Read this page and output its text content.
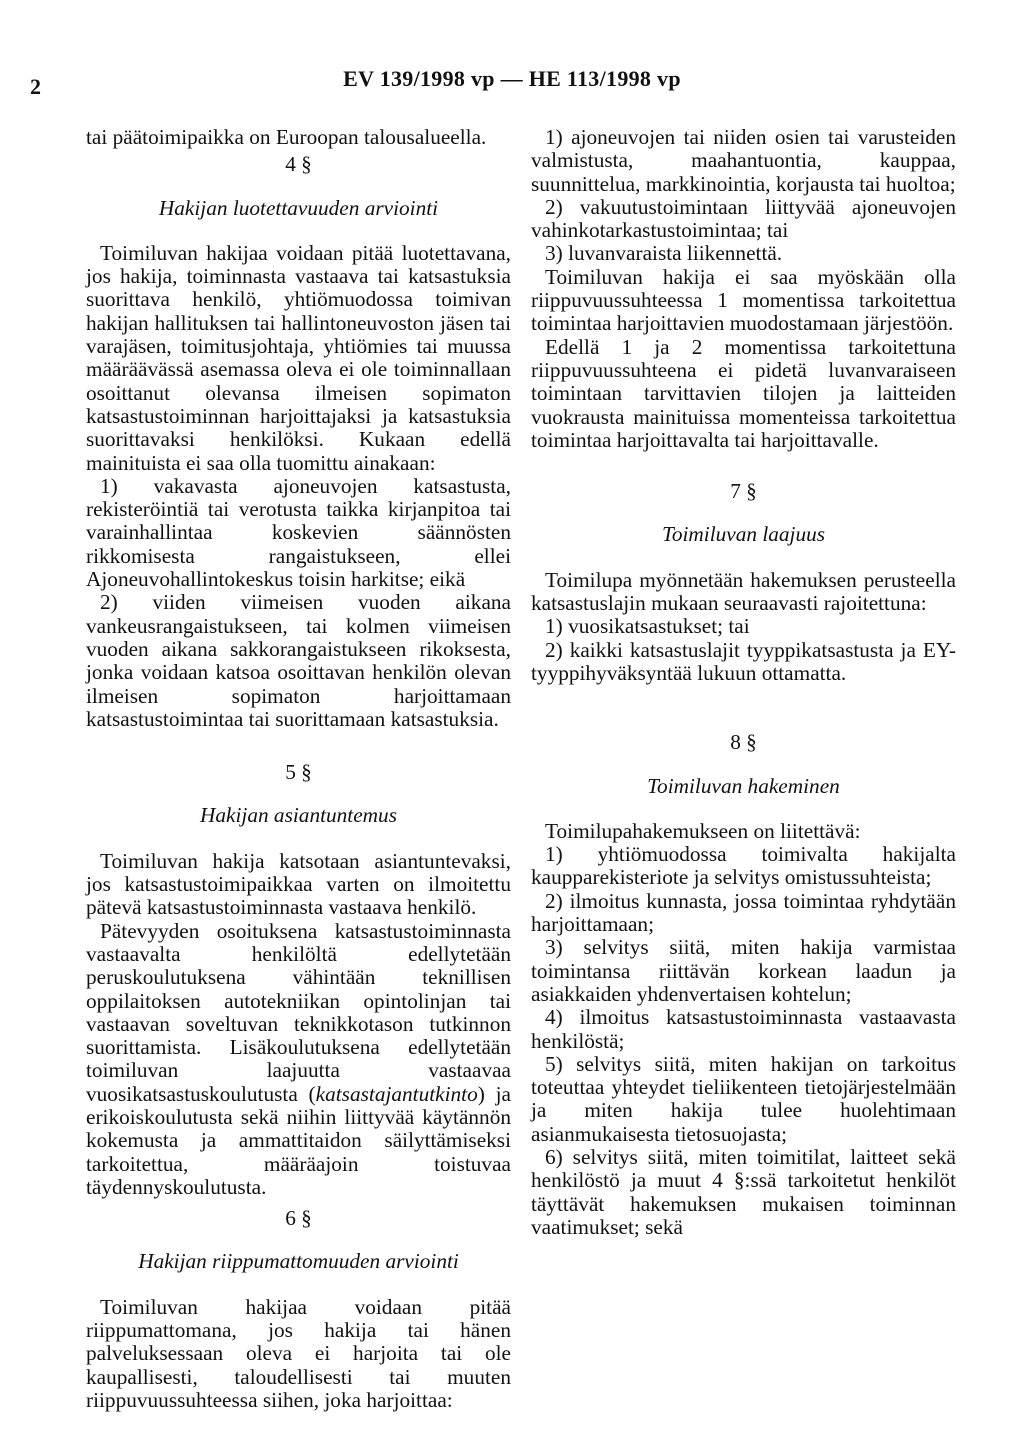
2	EV 139/1998 vp — HE 113/1998 vp

tai päätoimipaikka on Euroopan talousalueella.

4 §
Hakijan luotettavuuden arviointi

Toimiluvan hakijaa voidaan pitää luotettavana, jos hakija, toiminnasta vastaava tai katsastuksia suorittava henkilö, yhtiömuodossa toimivan hakijan hallituksen tai hallintoneuvoston jäsen tai varajäsen, toimitusjohtaja, yhtiömies tai muussa määräävässä asemassa oleva ei ole toiminnallaan osoittanut olevansa ilmeisen sopimaton katsastustoiminnan harjoittajaksi ja katsastuksia suorittavaksi henkilöksi. Kukaan edellä mainituista ei saa olla tuomittu ainakaan:

1) vakavasta ajoneuvojen katsastusta, rekisteröintiä tai verotusta taikka kirjanpitoa tai varainhallintaa koskevien säännösten rikkomisesta rangaistukseen, ellei Ajoneuvohallintokeskus toisin harkitse; eikä

2) viiden viimeisen vuoden aikana vankeusrangaistukseen, tai kolmen viimeisen vuoden aikana sakkorangaistukseen rikoksesta, jonka voidaan katsoa osoittavan henkilön olevan ilmeisen sopimaton harjoittamaan katsastustoimintaa tai suorittamaan katsastuksia.

5 §
Hakijan asiantuntemus

Toimiluvan hakija katsotaan asiantuntevaksi, jos katsastustoimipaikkaa varten on ilmoitettu pätevä katsastustoiminnasta vastaava henkilö.

Pätevyyden osoituksena katsastustoiminnasta vastaavalta henkilöltä edellytetään peruskoulutuksena vähintään teknillisen oppilaitoksen autotekniikan opintolinjan tai vastaavan soveltuvan teknikkotason tutkinnon suorittamista. Lisäkoulutuksena edellytetään toimiluvan laajuutta vastaavaa vuosikatsastuskoulutusta (katsastajantutkinto) ja erikoiskoulutusta sekä niihin liittyvää käytännön kokemusta ja ammattitaidon säilyttämiseksi tarkoitettua, määräajoin toistuvaa täydennyskoulutusta.

6 §
Hakijan riippumattomuuden arviointi

Toimiluvan hakijaa voidaan pitää riippumattomana, jos hakija tai hänen palveluksessaan oleva ei harjoita tai ole kaupallisesti, taloudellisesti tai muuten riippuvuussuhteessa siihen, joka harjoittaa:

1) ajoneuvojen tai niiden osien tai varusteiden valmistusta, maahantuontia, kauppaa, suunnittelua, markkinointia, korjausta tai huoltoa;

2) vakuutustoimintaan liittyvää ajoneuvojen vahinkotarkastustoimintaa; tai

3) luvanvaraista liikennettä.

Toimiluvan hakija ei saa myöskään olla riippuvuussuhteessa 1 momentissa tarkoitettua toimintaa harjoittavien muodostamaan järjestöön.

Edellä 1 ja 2 momentissa tarkoitettuna riippuvuussuhteena ei pidetä luvanvaraiseen toimintaan tarvittavien tilojen ja laitteiden vuokrausta mainituissa momenteissa tarkoitettua toimintaa harjoittavalta tai harjoittavalle.

7 §
Toimiluvan laajuus

Toimilupa myönnetään hakemuksen perusteella katsastuslajin mukaan seuraavasti rajoitettuna:

1) vuosikatsastukset; tai

2) kaikki katsastuslajit tyyppikatsastusta ja EY-tyyppihyväksyntää lukuun ottamatta.

8 §
Toimiluvan hakeminen

Toimilupahakemukseen on liitettävä:

1) yhtiömuodossa toimivalta hakijalta kaupparekisteriote ja selvitys omistussuhteista;

2) ilmoitus kunnasta, jossa toimintaa ryhdytään harjoittamaan;

3) selvitys siitä, miten hakija varmistaa toimintansa riittävän korkean laadun ja asiakkaiden yhdenvertaisen kohtelun;

4) ilmoitus katsastustoiminnasta vastaavasta henkilöstä;

5) selvitys siitä, miten hakijan on tarkoitus toteuttaa yhteydet tieliikenteen tietojärjestelmään ja miten hakija tulee huolehtimaan asianmukaisesta tietosuojasta;

6) selvitys siitä, miten toimitilat, laitteet sekä henkilöstö ja muut 4 §:ssä tarkoitetut henkilöt täyttävät hakemuksen mukaisen toiminnan vaatimukset; sekä
